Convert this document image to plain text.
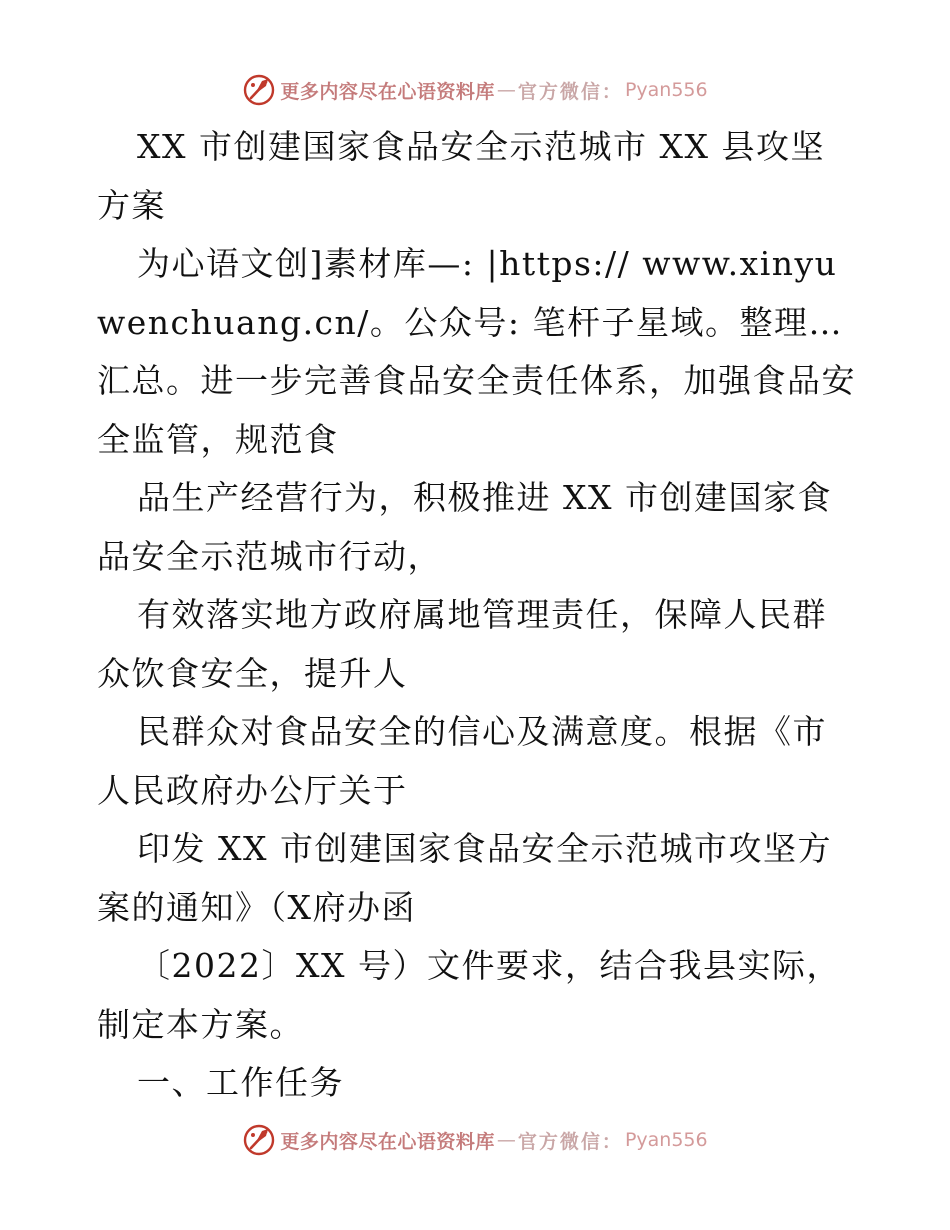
更多内容尽在心语资料库 — 官方微信： Pyan556

XX 市创建国家食品安全示范城市 XX 县攻坚方案

为心语文创]素材库—: |https:// www.xinyuwenchuang.cn/。公众号: 笔杆子星域。整理…汇总。进一步完善食品安全责任体系，加强食品安全监管，规范食

品生产经营行为，积极推进 XX 市创建国家食品安全示范城市行动，

有效落实地方政府属地管理责任，保障人民群众饮食安全，提升人

民群众对食品安全的信心及满意度。根据《市人民政府办公厅关于

印发 XX 市创建国家食品安全示范城市攻坚方案的通知》（X府办函

〔2022〕XX 号）文件要求，结合我县实际，制定本方案。

一、工作任务

更多内容尽在心语资料库 — 官方微信： Pyan556
